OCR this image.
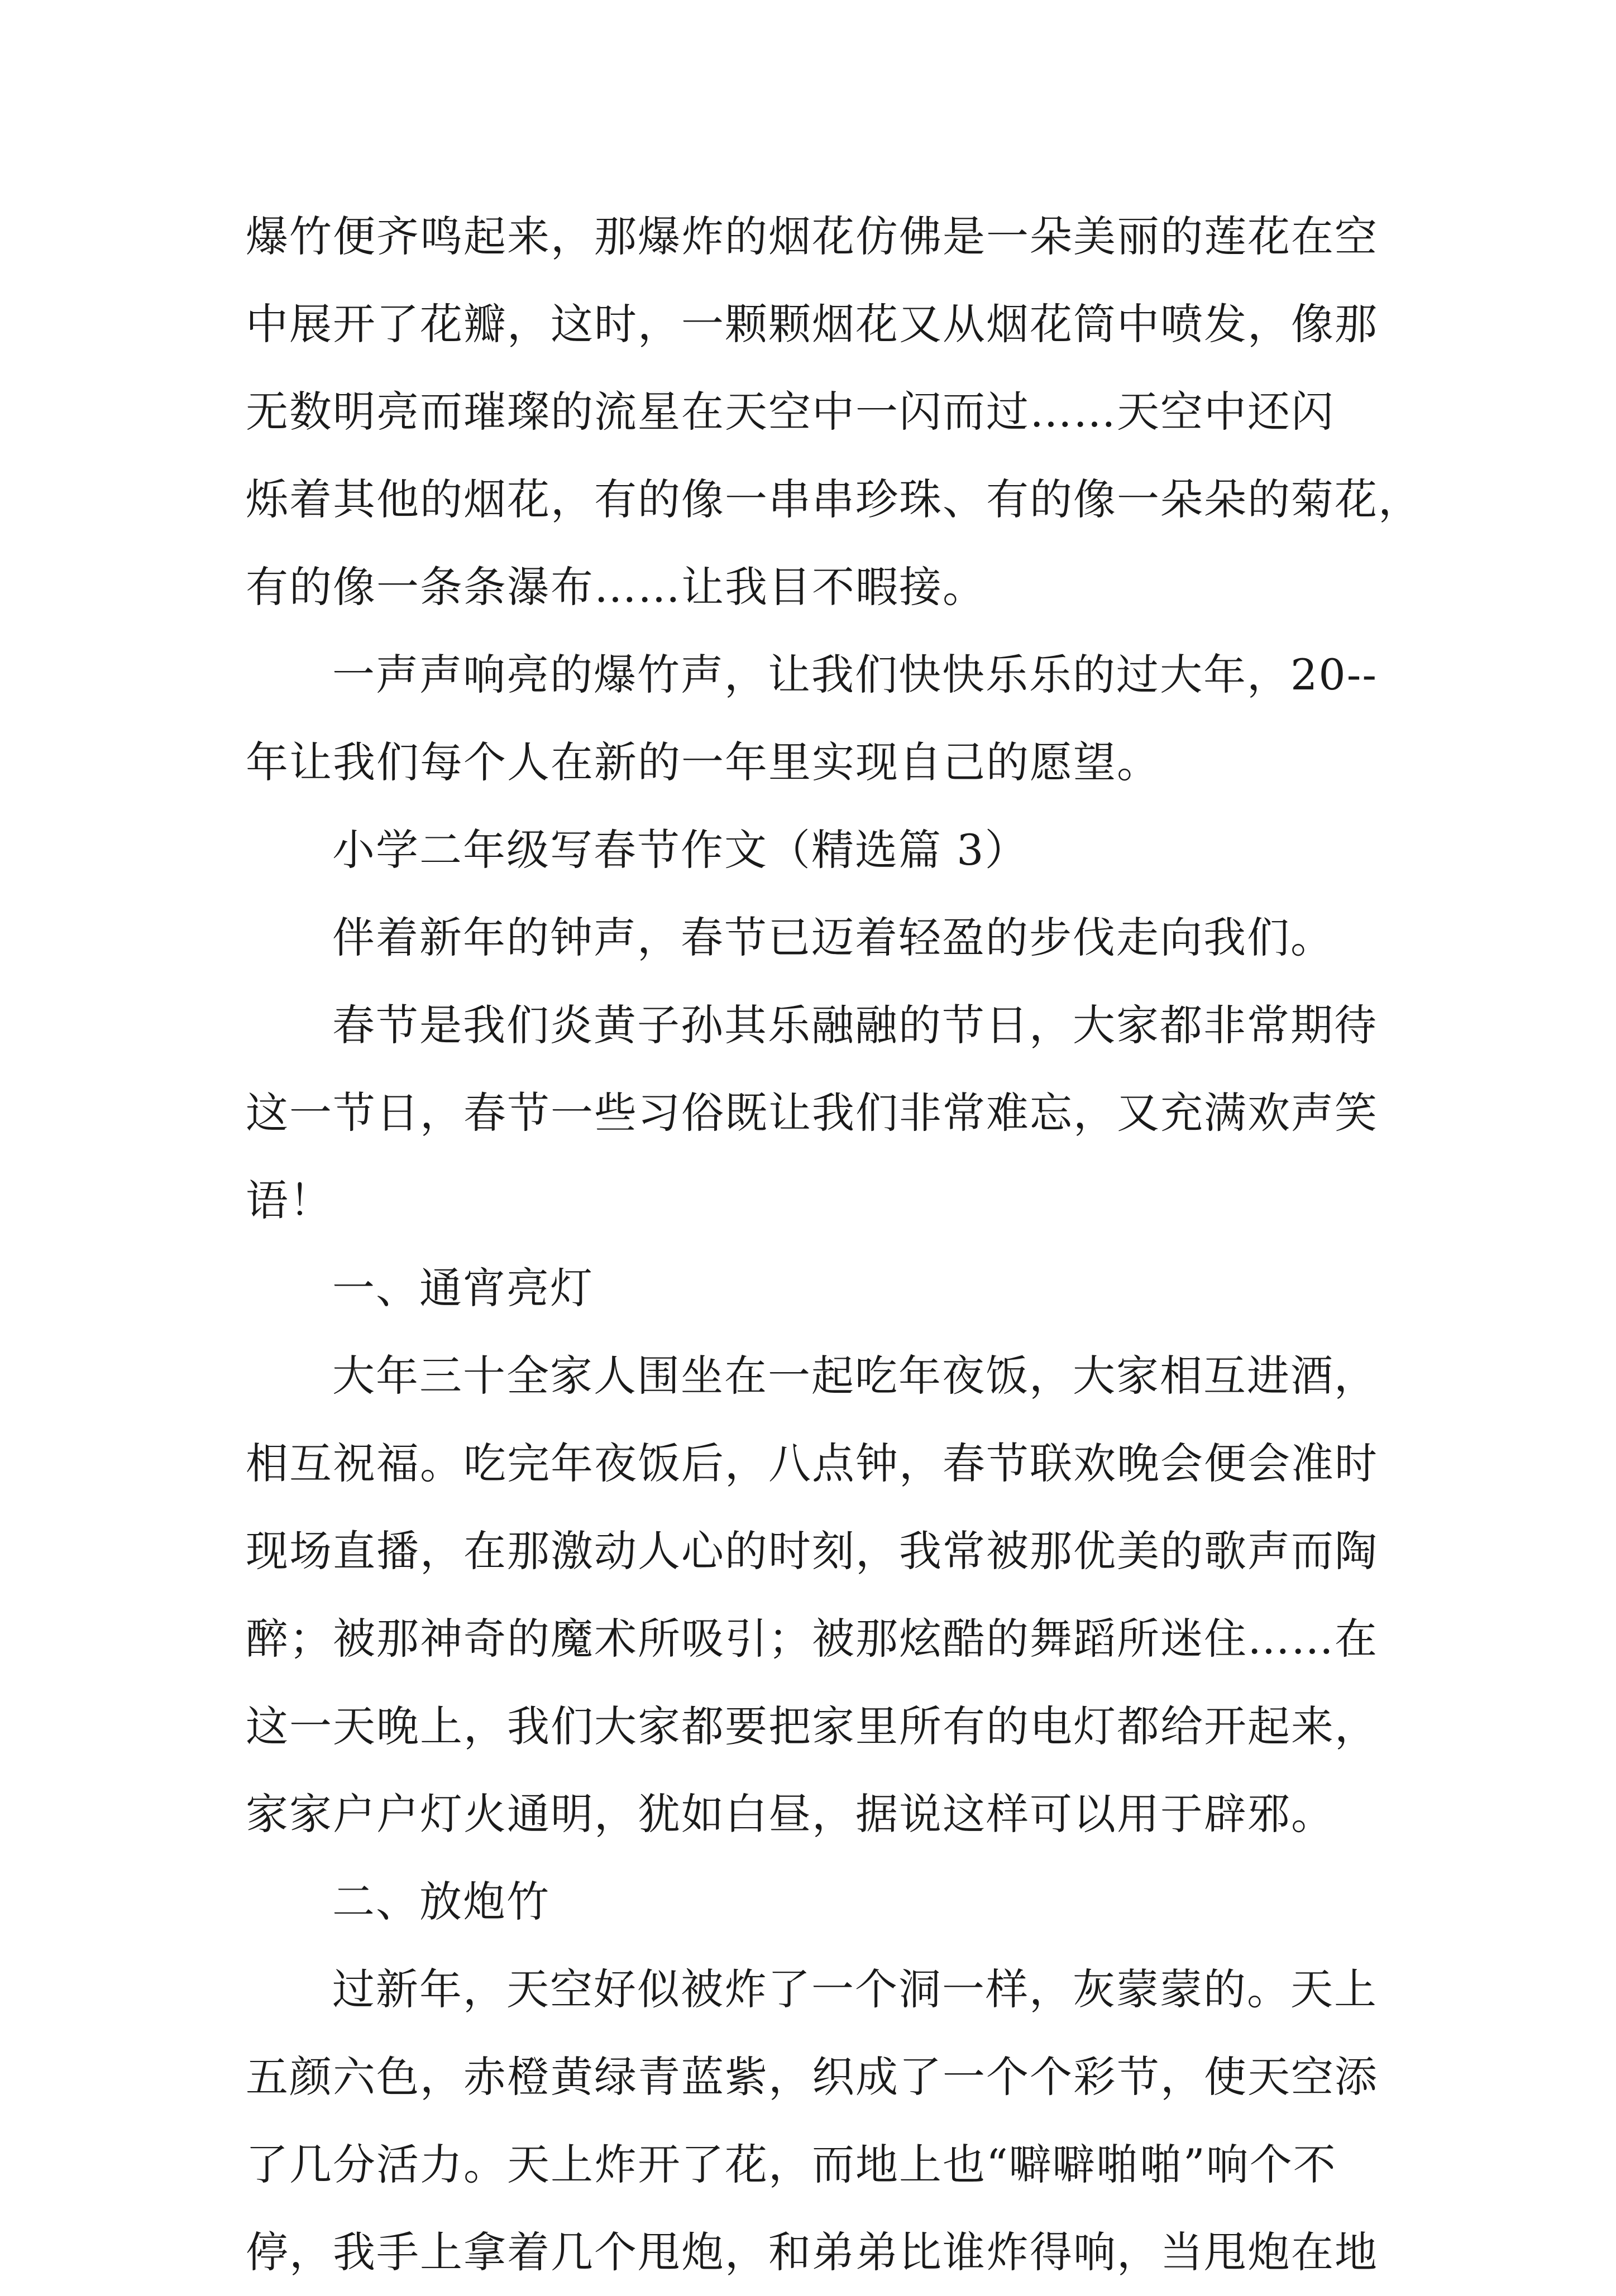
爆竹便齐鸣起来，那爆炸的烟花仿佛是一朵美丽的莲花在空
中展开了花瓣，这时，一颗颗烟花又从烟花筒中喷发，像那
无数明亮而璀璨的流星在天空中一闪而过……天空中还闪
烁着其他的烟花，有的像一串串珍珠、有的像一朵朵的菊花，
有的像一条条瀑布……让我目不暇接。
一声声响亮的爆竹声，让我们快快乐乐的过大年，20--
年让我们每个人在新的一年里实现自己的愿望。
小学二年级写春节作文（精选篇 3）
伴着新年的钟声，春节已迈着轻盈的步伐走向我们。
春节是我们炎黄子孙其乐融融的节日，大家都非常期待
这一节日，春节一些习俗既让我们非常难忘，又充满欢声笑
语！
一、通宵亮灯
大年三十全家人围坐在一起吃年夜饭，大家相互进酒，
相互祝福。吃完年夜饭后，八点钟，春节联欢晚会便会准时
现场直播，在那激动人心的时刻，我常被那优美的歌声而陶
醉；被那神奇的魔术所吸引；被那炫酷的舞蹈所迷住……在
这一天晚上，我们大家都要把家里所有的电灯都给开起来，
家家户户灯火通明，犹如白昼，据说这样可以用于辟邪。
二、放炮竹
过新年，天空好似被炸了一个洞一样，灰蒙蒙的。天上
五颜六色，赤橙黄绿青蓝紫，织成了一个个彩节，使天空添
了几分活力。天上炸开了花，而地上也“噼噼啪啪”响个不
停，我手上拿着几个甩炮，和弟弟比谁炸得响，当甩炮在地
